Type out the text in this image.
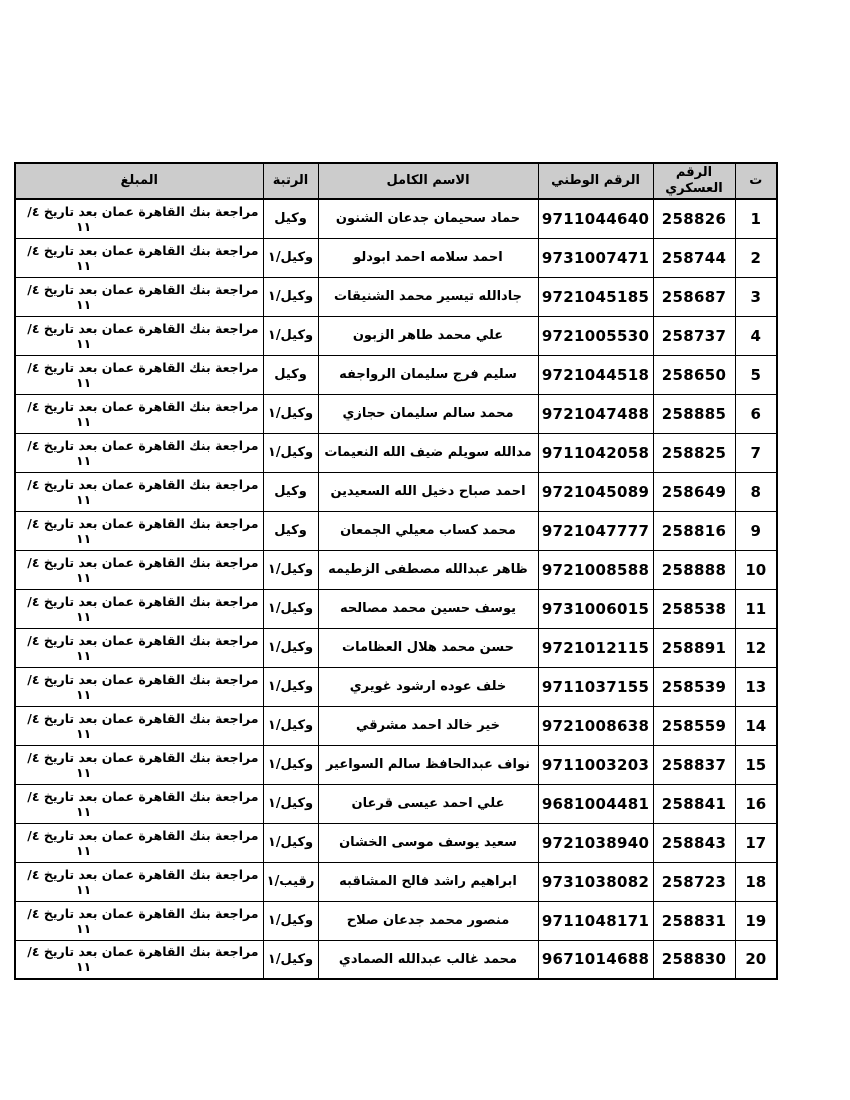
ت	الرقم العسكري	الرقم الوطني	الاسم الكامل	الرتبة	المبلغ
1	258826	9711044640	حماد سحيمان جدعان الشنون	وكيل	مراجعة بنك القاهرة عمان بعد تاريخ ٤/
١١

2	258744	9731007471	احمد سلامه احمد ابودلو	وكيل/١	مراجعة بنك القاهرة عمان بعد تاريخ ٤/
١١

3	258687	9721045185	جادالله تيسير محمد الشنيقات	وكيل/١	مراجعة بنك القاهرة عمان بعد تاريخ ٤/
١١

4	258737	9721005530	علي محمد طاهر الزبون	وكيل/١	مراجعة بنك القاهرة عمان بعد تاريخ ٤/
١١

5	258650	9721044518	سليم فرج سليمان الرواجفه	وكيل	مراجعة بنك القاهرة عمان بعد تاريخ ٤/
١١

6	258885	9721047488	محمد سالم سليمان حجازي	وكيل/١	مراجعة بنك القاهرة عمان بعد تاريخ ٤/
١١

7	258825	9711042058	مدالله سويلم ضيف الله النعيمات	وكيل/١	مراجعة بنك القاهرة عمان بعد تاريخ ٤/
١١

8	258649	9721045089	احمد صباح دخيل الله السعيدين	وكيل	مراجعة بنك القاهرة عمان بعد تاريخ ٤/
١١

9	258816	9721047777	محمد كساب معيلي الجمعان	وكيل	مراجعة بنك القاهرة عمان بعد تاريخ ٤/
١١

10	258888	9721008588	ظاهر عبدالله مصطفى الزطيمه	وكيل/١	مراجعة بنك القاهرة عمان بعد تاريخ ٤/
١١

11	258538	9731006015	يوسف حسين محمد مصالحه	وكيل/١	مراجعة بنك القاهرة عمان بعد تاريخ ٤/
١١

12	258891	9721012115	حسن محمد هلال العظامات	وكيل/١	مراجعة بنك القاهرة عمان بعد تاريخ ٤/
١١

13	258539	9711037155	خلف عوده ارشود غويري	وكيل/١	مراجعة بنك القاهرة عمان بعد تاريخ ٤/
١١

14	258559	9721008638	خير خالد احمد مشرقي	وكيل/١	مراجعة بنك القاهرة عمان بعد تاريخ ٤/
١١

15	258837	9711003203	نواف عبدالحافظ سالم السواعير	وكيل/١	مراجعة بنك القاهرة عمان بعد تاريخ ٤/
١١

16	258841	9681004481	علي احمد عيسى قرعان	وكيل/١	مراجعة بنك القاهرة عمان بعد تاريخ ٤/
١١

17	258843	9721038940	سعيد يوسف موسى الخشان	وكيل/١	مراجعة بنك القاهرة عمان بعد تاريخ ٤/
١١

18	258723	9731038082	ابراهيم راشد فالح المشاقبه	رقيب/١	مراجعة بنك القاهرة عمان بعد تاريخ ٤/
١١

19	258831	9711048171	منصور محمد جدعان صلاح	وكيل/١	مراجعة بنك القاهرة عمان بعد تاريخ ٤/
١١

20	258830	9671014688	محمد غالب عبدالله الصمادي	وكيل/١	مراجعة بنك القاهرة عمان بعد تاريخ ٤/
١١
